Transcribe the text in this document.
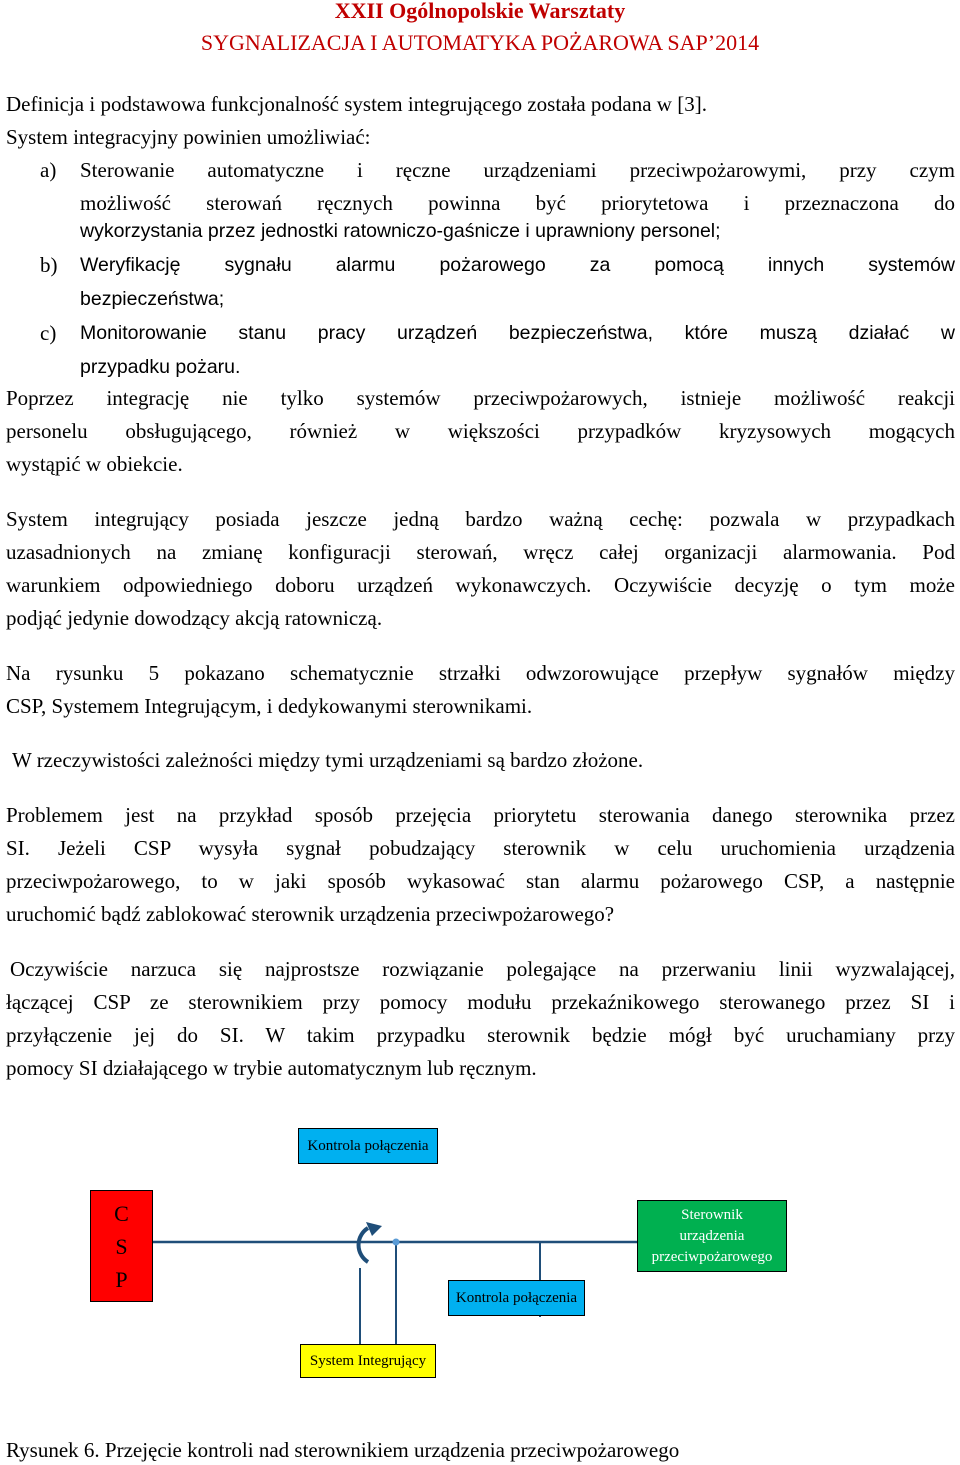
XXII Ogólnopolskie Warsztaty
SYGNALIZACJA I AUTOMATYKA POŻAROWA SAP’2014
Definicja i podstawowa funkcjonalność system integrującego została podana w [3].
System integracyjny powinien umożliwiać:
a) Sterowanie automatyczne i ręczne urządzeniami przeciwpożarowymi, przy czym
możliwość sterowań ręcznych powinna być priorytetowa i przeznaczona do
wykorzystania przez jednostki ratowniczo-gaśnicze i uprawniony personel;
b) Weryfikację sygnału alarmu pożarowego za pomocą innych systemów
bezpieczeństwa;
c) Monitorowanie stanu pracy urządzeń bezpieczeństwa, które muszą działać w
przypadku pożaru.
Poprzez integrację nie tylko systemów przeciwpożarowych, istnieje możliwość reakcji
personelu obsługującego, również w większości przypadków kryzysowych mogących
wystąpić w obiekcie.
System integrujący posiada jeszcze jedną bardzo ważną cechę: pozwala w przypadkach
uzasadnionych na zmianę konfiguracji sterowań, wręcz całej organizacji alarmowania. Pod
warunkiem odpowiedniego doboru urządzeń wykonawczych. Oczywiście decyzję o tym może
podjąć jedynie dowodzący akcją ratowniczą.
Na rysunku 5 pokazano schematycznie strzałki odwzorowujące przepływ sygnałów między
CSP, Systemem Integrującym, i dedykowanymi sterownikami.
W rzeczywistości zależności między tymi urządzeniami są bardzo złożone.
Problemem jest na przykład sposób przejęcia priorytetu sterowania danego sterownika przez
SI. Jeżeli CSP wysyła sygnał pobudzający sterownik w celu uruchomienia urządzenia
przeciwpożarowego, to w jaki sposób wykasować stan alarmu pożarowego CSP, a następnie
uruchomić bądź zablokować sterownik urządzenia przeciwpożarowego?
Oczywiście narzuca się najprostsze rozwiązanie polegające na przerwaniu linii wyzwalającej,
łączącej CSP ze sterownikiem przy pomocy modułu przekaźnikowego sterowanego przez SI i
przyłączenie jej do SI. W takim przypadku sterownik będzie mógł być uruchamiany przy
pomocy SI działającego w trybie automatycznym lub ręcznym.
Kontrola połączenia
C
S
P
Sterownik
urządzenia
przeciwpożarowego
Kontrola połączenia
System Integrujący
Rysunek 6. Przejęcie kontroli nad sterownikiem urządzenia przeciwpożarowego
